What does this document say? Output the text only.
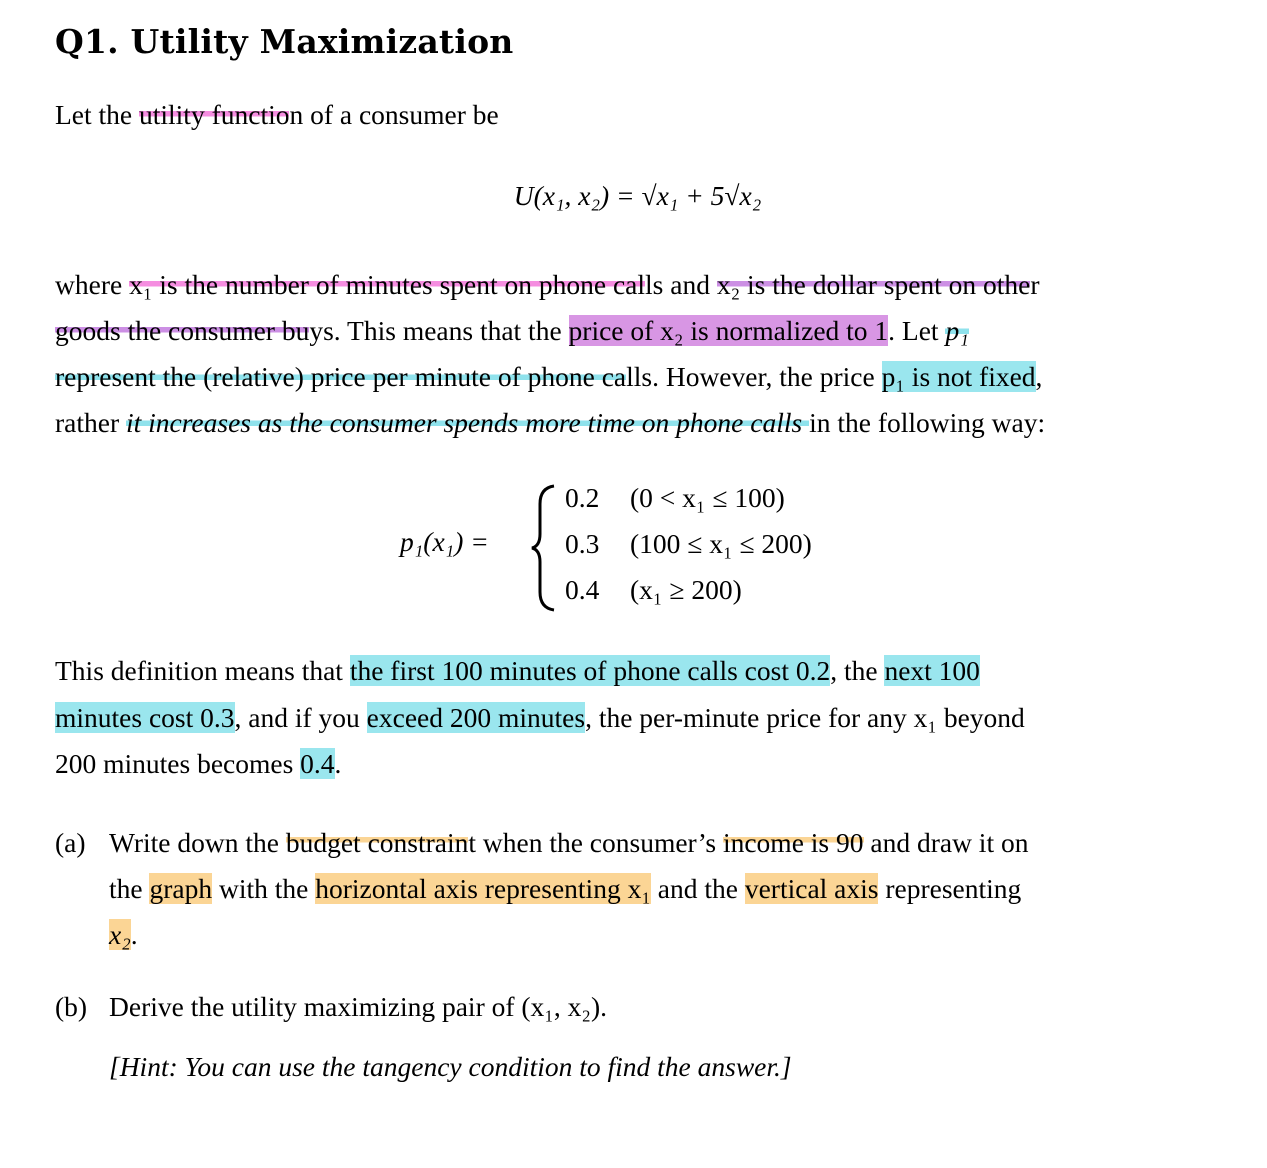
Q1. Utility Maximization
Let the utility function of a consumer be
U(x₁, x₂) = √x₁ + 5√x₂
where x₁ is the number of minutes spent on phone calls and x₂ is the dollar spent on other
goods the consumer buys. This means that the price of x₂ is normalized to 1. Let p₁
represent the (relative) price per minute of phone calls. However, the price p₁ is not fixed,
rather it increases as the consumer spends more time on phone calls in the following way:
p₁(x₁) =
0.2 (0 < x₁ ≤ 100)
0.3 (100 ≤ x₁ ≤ 200)
0.4 (x₁ ≥ 200)
This definition means that the first 100 minutes of phone calls cost 0.2, the next 100
minutes cost 0.3, and if you exceed 200 minutes, the per-minute price for any x₁ beyond
200 minutes becomes 0.4.
(a) Write down the budget constraint when the consumer’s income is 90 and draw it on
the graph with the horizontal axis representing x₁ and the vertical axis representing
x₂.
(b) Derive the utility maximizing pair of (x₁, x₂).
[Hint: You can use the tangency condition to find the answer.]
